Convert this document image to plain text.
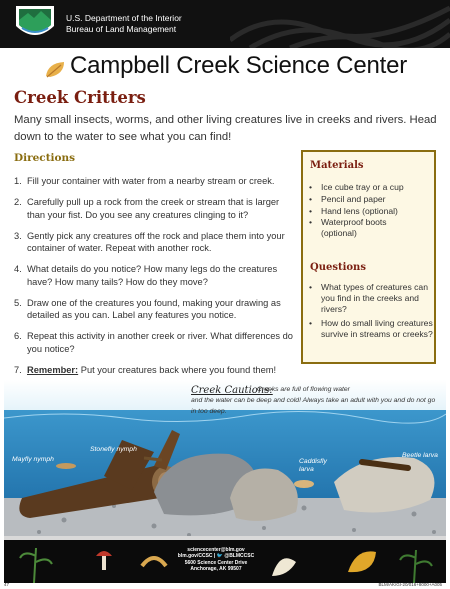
U.S. Department of the Interior
Bureau of Land Management
Campbell Creek Science Center
Creek Critters
Many small insects, worms, and other living creatures live in creeks and rivers. Head down to the water to see what you can find!
Directions
1. Fill your container with water from a nearby stream or creek.
2. Carefully pull up a rock from the creek or stream that is larger than your fist. Do you see any creatures clinging to it?
3. Gently pick any creatures off the rock and place them into your container of water. Repeat with another rock.
4. What details do you notice? How many legs do the creatures have? How many tails? How do they move?
5. Draw one of the creatures you found, making your drawing as detailed as you can. Label any features you notice.
6. Repeat this activity in another creek or river. What differences do you notice?
7. Remember: Put your creatures back where you found them!
Materials
•	Ice cube tray or a cup
•	Pencil and paper
•	Hand lens (optional)
•	Waterproof boots (optional)
Questions
•	What types of creatures can you find in the creeks and rivers?
•	How do small living creatures survive in streams or creeks?
Creek Cautions:
Creeks are full of flowing water
and the water can be deep and cold! Always take an adult with you and do not go in too deep.
Mayfly nymph
Stonefly nymph
Caddisfly larva
Beetle larva
sciencecenter@blm.gov
blm.gov/CCSC | 🐦 @BLMCCSC
5600 Science Center Drive
Anchorage, AK 99507
47	BLM/AK/GI-20/016+8000+A005
